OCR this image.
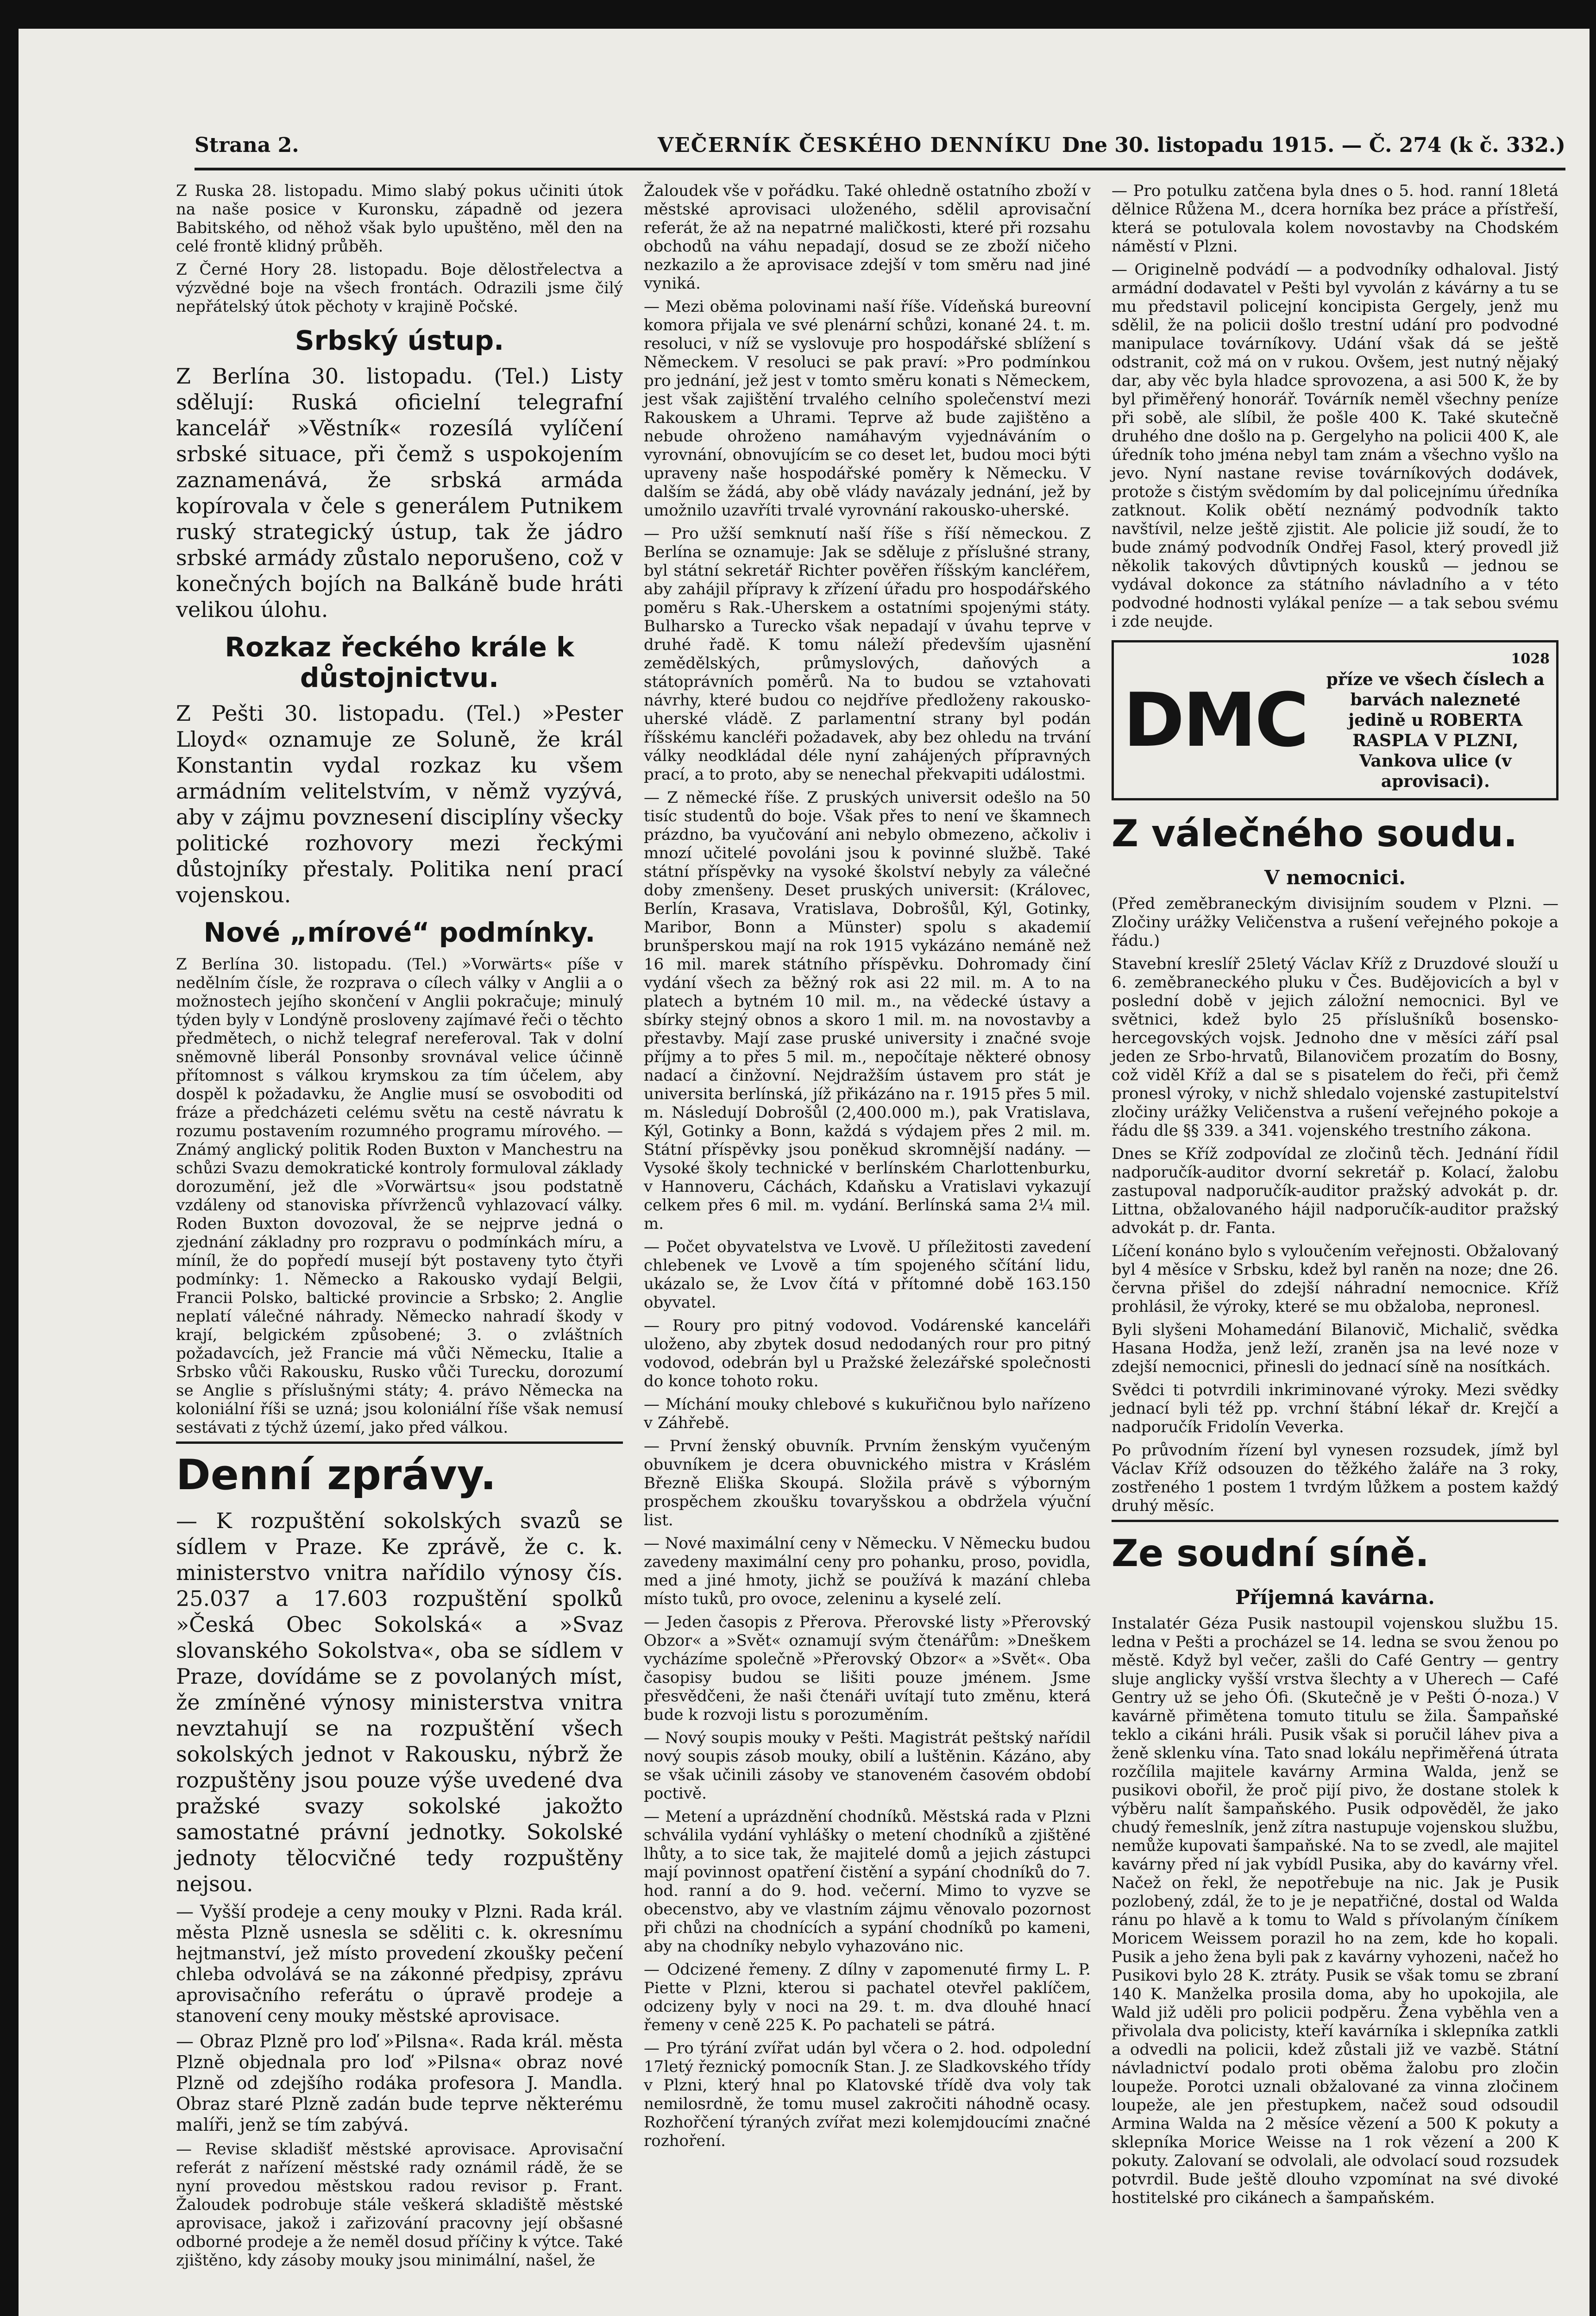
Strana 2.	VEČERNÍK ČESKÉHO DENNÍKU Dne 30. listopadu 1915. — Č. 274 (k č. 332.)

Z Ruska 28. listopadu. Mimo slabý pokus učiniti útok na naše posice v Kuronsku, západně od jezera Babitského, od něhož však bylo upuštěno, měl den na celé frontě klidný průběh.

Z Černé Hory 28. listopadu. Boje dělostřelectva a výzvědné boje na všech frontách. Odrazili jsme čilý nepřátelský útok pěchoty v krajině Počské.

Srbský ústup.

Z Berlína 30. listopadu. (Tel.) Listy sdělují: Ruská oficielní telegrafní kancelář »Věstník« rozesílá vylíčení srbské situace, při čemž s uspokojením zaznamenává, že srbská armáda kopírovala v čele s generálem Putnikem ruský strategický ústup, tak že jádro srbské armády zůstalo neporušeno, což v konečných bojích na Balkáně bude hráti velikou úlohu.

Rozkaz řeckého krále k důstojnictvu.

Z Pešti 30. listopadu. (Tel.) »Pester Lloyd« oznamuje ze Soluně, že král Konstantin vydal rozkaz ku všem armádním velitelstvím, v němž vyzývá, aby v zájmu povznesení disciplíny všecky politické rozhovory mezi řeckými důstojníky přestaly. Politika není prací vojenskou.

Nové „mírové“ podmínky.

Z Berlína 30. listopadu. (Tel.) »Vorwärts« píše v nedělním čísle, že rozprava o cílech války v Anglii a o možnostech jejího skončení v Anglii pokračuje; minulý týden byly v Londýně prosloveny zajímavé řeči o těchto předmětech, o nichž telegraf nereferoval. Tak v dolní sněmovně liberál Ponsonby srovnával velice účinně přítomnost s válkou krymskou za tím účelem, aby dospěl k požadavku, že Anglie musí se osvoboditi od fráze a předcházeti celému světu na cestě návratu k rozumu postavením rozumného programu mírového. — Známý anglický politik Roden Buxton v Manchestru na schůzi Svazu demokratické kontroly formuloval základy dorozumění, jež dle »Vorwärtsu« jsou podstatně vzdáleny od stanoviska přívrženců vyhlazovací války. Roden Buxton dovozoval, že se nejprve jedná o zjednání základny pro rozpravu o podmínkách míru, a míníl, že do popředí musejí být postaveny tyto čtyři podmínky: 1. Německo a Rakousko vydají Belgii, Francii Polsko, baltické provincie a Srbsko; 2. Anglie neplatí válečné náhrady. Německo nahradí škody v krají, belgickém způsobené; 3. o zvláštních požadavcích, jež Francie má vůči Německu, Italie a Srbsko vůči Rakousku, Rusko vůči Turecku, dorozumí se Anglie s příslušnými státy; 4. právo Německa na koloniální říši se uzná; jsou koloniální říše však nemusí sestávati z týchž území, jako před válkou.

Denní zprávy.

— K rozpuštění sokolských svazů se sídlem v Praze. Ke zprávě, že c. k. ministerstvo vnitra nařídilo výnosy čís. 25.037 a 17.603 rozpuštění spolků »Česká Obec Sokolská« a »Svaz slovanského Sokolstva«, oba se sídlem v Praze, dovídáme se z povolaných míst, že zmíněné výnosy ministerstva vnitra nevztahují se na rozpuštění všech sokolských jednot v Rakousku, nýbrž že rozpuštěny jsou pouze výše uvedené dva pražské svazy sokolské jakožto samostatné právní jednotky. Sokolské jednoty tělocvičné tedy rozpuštěny nejsou.

— Vyšší prodeje a ceny mouky v Plzni. Rada král. města Plzně usnesla se sděliti c. k. okresnímu hejtmanství, jež místo provedení zkoušky pečení chleba odvolává se na zákonné předpisy, zprávu aprovisačního referátu o úpravě prodeje a stanovení ceny mouky městské aprovisace.

— Obraz Plzně pro loď »Pilsna«. Rada král. města Plzně objednala pro loď »Pilsna« obraz nové Plzně od zdejšího rodáka profesora J. Mandla. Obraz staré Plzně zadán bude teprve některému malíři, jenž se tím zabývá.

— Revise skladišť městské aprovisace. Aprovisační referát z nařízení městské rady oznámil rádě, že se nyní provedou městskou radou revisor p. Frant. Žaloudek podrobuje stále veškerá skladiště městské aprovisace, jakož i zařizování pracovny její obšasné odborné prodeje a že neměl dosud příčiny k výtce. Také zjištěno, kdy zásoby mouky jsou minimální, našel, že

Žaloudek vše v pořádku. Také ohledně ostatního zboží v městské aprovisaci uloženého, sdělil aprovisační referát, že až na nepatrné maličkosti, které při rozsahu obchodů na váhu nepadají, dosud se ze zboží ničeho nezkazilo a že aprovisace zdejší v tom směru nad jiné vyniká.

— Mezi oběma polovinami naší říše. Vídeňská bureovní komora přijala ve své plenární schůzi, konané 24. t. m. resoluci, v níž se vyslovuje pro hospodářské sblížení s Německem. V resoluci se pak praví: »Pro podmínkou pro jednání, jež jest v tomto směru konati s Německem, jest však zajištění trvalého celního společenství mezi Rakouskem a Uhrami. Teprve až bude zajištěno a nebude ohroženo namáhavým vyjednáváním o vyrovnání, obnovujícím se co deset let, budou moci býti upraveny naše hospodářské poměry k Německu. V dalším se žádá, aby obě vlády navázaly jednání, jež by umožnilo uzavříti trvalé vyrovnání rakousko-uherské.

— Pro užší semknutí naší říše s říší německou. Z Berlína se oznamuje: Jak se sděluje z příslušné strany, byl státní sekretář Richter pověřen říšským kancléřem, aby zahájil přípravy k zřízení úřadu pro hospodářského poměru s Rak.-Uherskem a ostatními spojenými státy. Bulharsko a Turecko však nepadají v úvahu teprve v druhé řadě. K tomu náleží především ujasnění zemědělských, průmyslových, daňových a státoprávních poměrů. Na to budou se vztahovati návrhy, které budou co nejdříve předloženy rakousko-uherské vládě. Z parlamentní strany byl podán říšskému kancléři požadavek, aby bez ohledu na trvání války neodkládal déle nyní zahájených přípravných prací, a to proto, aby se nenechal překvapiti událostmi.

— Z německé říše. Z pruských universit odešlo na 50 tisíc studentů do boje. Však přes to není ve škamnech prázdno, ba vyučování ani nebylo obmezeno, ačkoliv i mnozí učitelé povoláni jsou k povinné službě. Také státní příspěvky na vysoké školství nebyly za válečné doby zmenšeny. Deset pruských universit: (Královec, Berlín, Krasava, Vratislava, Dobrošůl, Kýl, Gotinky, Maribor, Bonn a Münster) spolu s akademií brunšperskou mají na rok 1915 vykázáno nemáně než 16 mil. marek státního příspěvku. Dohromady činí vydání všech za běžný rok asi 22 mil. m. A to na platech a bytném 10 mil. m., na vědecké ústavy a sbírky stejný obnos a skoro 1 mil. m. na novostavby a přestavby. Mají zase pruské university i značné svoje příjmy a to přes 5 mil. m., nepočítaje některé obnosy nadací a činžovní. Nejdražším ústavem pro stát je universita berlínská, jíž přikázáno na r. 1915 přes 5 mil. m. Následují Dobrošůl (2,400.000 m.), pak Vratislava, Kýl, Gotinky a Bonn, každá s výdajem přes 2 mil. m. Státní příspěvky jsou poněkud skromnější nadány. — Vysoké školy technické v berlínském Charlottenburku, v Hannoveru, Cáchách, Kdaňsku a Vratislavi vykazují celkem přes 6 mil. m. vydání. Berlínská sama 2¼ mil. m.

— Počet obyvatelstva ve Lvově. U příležitosti zavedení chlebenek ve Lvově a tím spojeného sčítání lidu, ukázalo se, že Lvov čítá v přítomné době 163.150 obyvatel.

— Roury pro pitný vodovod. Vodárenské kanceláři uloženo, aby zbytek dosud nedodaných rour pro pitný vodovod, odebrán byl u Pražské železářské společnosti do konce tohoto roku.

— Míchání mouky chlebové s kukuřičnou bylo nařízeno v Záhřebě.

— První ženský obuvník. Prvním ženským vyučeným obuvníkem je dcera obuvnického mistra v Kráslém Březně Eliška Skoupá. Složila právě s výborným prospěchem zkoušku tovaryšskou a obdržela výuční list.

— Nové maximální ceny v Německu. V Německu budou zavedeny maximální ceny pro pohanku, proso, povidla, med a jiné hmoty, jichž se používá k mazání chleba místo tuků, pro ovoce, zeleninu a kyselé zelí.

— Jeden časopis z Přerova. Přerovské listy »Přerovský Obzor« a »Svět« oznamují svým čtenářům: »Dneškem vycházíme společně »Přerovský Obzor« a »Svět«. Oba časopisy budou se lišiti pouze jménem. Jsme přesvědčeni, že naši čtenáři uvítají tuto změnu, která bude k rozvoji listu s porozuměním.

— Nový soupis mouky v Pešti. Magistrát peštský nařídil nový soupis zásob mouky, obilí a luštěnin. Kázáno, aby se však učinili zásoby ve stanoveném časovém období poctivě.

— Metení a uprázdnění chodníků. Městská rada v Plzni schválila vydání vyhlášky o metení chodníků a zjištěné lhůty, a to sice tak, že majitelé domů a jejich zástupci mají povinnost opatření čistění a sypání chodníků do 7. hod. ranní a do 9. hod. večerní. Mimo to vyzve se obecenstvo, aby ve vlastním zájmu věnovalo pozornost při chůzi na chodnících a sypání chodníků po kameni, aby na chodníky nebylo vyhazováno nic.

— Odcizené řemeny. Z dílny v zapomenuté firmy L. P. Piette v Plzni, kterou si pachatel otevřel paklíčem, odcizeny byly v noci na 29. t. m. dva dlouhé hnací řemeny v ceně 225 K. Po pachateli se pátrá.

— Pro týrání zvířat udán byl včera o 2. hod. odpolední 17letý řeznický pomocník Stan. J. ze Sladkovského třídy v Plzni, který hnal po Klatovské třídě dva voly tak nemilosrdně, že tomu musel zakročiti náhodně ocasy. Rozhořčení týraných zvířat mezi kolemjdoucími značné rozhoření.

— Pro potulku zatčena byla dnes o 5. hod. ranní 18letá dělnice Růžena M., dcera horníka bez práce a přístřeší, která se potulovala kolem novostavby na Chodském náměstí v Plzni.

— Originelně podvádí — a podvodníky odhaloval. Jistý armádní dodavatel v Pešti byl vyvolán z kávárny a tu se mu představil policejní koncipista Gergely, jenž mu sdělil, že na policii došlo trestní udání pro podvodné manipulace továrníkovy. Udání však dá se ještě odstranit, což má on v rukou. Ovšem, jest nutný nějaký dar, aby věc byla hladce sprovozena, a asi 500 K, že by byl přiměřený honorář. Továrník neměl všechny peníze při sobě, ale slíbil, že pošle 400 K. Také skutečně druhého dne došlo na p. Gergelyho na policii 400 K, ale úředník toho jména nebyl tam znám a všechno vyšlo na jevo. Nyní nastane revise továrníkových dodávek, protože s čistým svědomím by dal policejnímu úředníka zatknout. Kolik obětí neznámý podvodník takto navštívil, nelze ještě zjistit. Ale policie již soudí, že to bude známý podvodník Ondřej Fasol, který provedl již několik takových důvtipných kousků — jednou se vydával dokonce za státního návladního a v této podvodné hodnosti vylákal peníze — a tak sebou svému i zde neujde.

DMC
1028
příze ve všech číslech a barvách nalezneté jedině u ROBERTA RASPLA V PLZNI, Vankova ulice (v aprovisaci).
Z válečného soudu.
V nemocnici.

(Před zeměbraneckým divisijním soudem v Plzni. — Zločiny urážky Veličenstva a rušení veřejného pokoje a řádu.)

Stavební kreslíř 25letý Václav Kříž z Druzdové slouží u 6. zeměbraneckého pluku v Čes. Budějovicích a byl v poslední době v jejich záložní nemocnici. Byl ve světnici, kdež bylo 25 příslušníků bosensko-hercegovských vojsk. Jednoho dne v měsíci září psal jeden ze Srbo-hrvatů, Bilanovičem prozatím do Bosny, což viděl Kříž a dal se s pisatelem do řeči, při čemž pronesl výroky, v nichž shledalo vojenské zastupitelství zločiny urážky Veličenstva a rušení veřejného pokoje a řádu dle §§ 339. a 341. vojenského trestního zákona.

Dnes se Kříž zodpovídal ze zločinů těch. Jednání řídil nadporučík-auditor dvorní sekretář p. Kolací, žalobu zastupoval nadporučík-auditor pražský advokát p. dr. Littna, obžalovaného hájil nadporučík-auditor pražský advokát p. dr. Fanta.

Líčení konáno bylo s vyloučením veřejnosti. Obžalovaný byl 4 měsíce v Srbsku, kdež byl raněn na noze; dne 26. června přišel do zdejší náhradní nemocnice. Kříž prohlásil, že výroky, které se mu obžaloba, nepronesl.

Byli slyšeni Mohamedání Bilanovič, Michalič, svědka Hasana Hodža, jenž leží, zraněn jsa na levé noze v zdejší nemocnici, přinesli do jednací síně na nosítkách.

Svědci ti potvrdili inkriminované výroky. Mezi svědky jednací byli též pp. vrchní štábní lékař dr. Krejčí a nadporučík Fridolín Veverka.

Po průvodním řízení byl vynesen rozsudek, jímž byl Václav Kříž odsouzen do těžkého žaláře na 3 roky, zostřeného 1 postem 1 tvrdým lůžkem a postem každý druhý měsíc.

Ze soudní síně.
Příjemná kavárna.

Instalatér Géza Pusik nastoupil vojenskou službu 15. ledna v Pešti a procházel se 14. ledna se svou ženou po městě. Když byl večer, zašli do Café Gentry — gentry sluje anglicky vyšší vrstva šlechty a v Uherech — Café Gentry už se jeho Ófi. (Skutečně je v Pešti Ó-noza.) V kavárně přimětena tomuto titulu se žila. Šampaňské teklo a cikáni hráli. Pusik však si poručil láhev piva a ženě sklenku vína. Tato snad lokálu nepřiměřená útrata rozčílila majitele kavárny Armina Walda, jenž se pusikovi obořil, že proč pijí pivo, že dostane stolek k výběru nalít šampaňského. Pusik odpověděl, že jako chudý řemeslník, jenž zítra nastupuje vojenskou službu, nemůže kupovati šampaňské. Na to se zvedl, ale majitel kavárny před ní jak vybídl Pusika, aby do kavárny vřel. Načež on řekl, že nepotřebuje na nic. Jak je Pusik pozlobený, zdál, že to je je nepatřičné, dostal od Walda ránu po hlavě a k tomu to Wald s přívolaným číníkem Moricem Weissem porazil ho na zem, kde ho kopali. Pusik a jeho žena byli pak z kavárny vyhozeni, načež ho Pusikovi bylo 28 K. ztráty. Pusik se však tomu se zbraní 140 K. Manželka prosila doma, aby ho upokojila, ale Wald již uděli pro policii podpěru. Žena vyběhla ven a přivolala dva policisty, kteří kavárníka i sklepníka zatkli a odvedli na policii, kdež zůstali již ve vazbě. Státní návladnictví podalo proti oběma žalobu pro zločin loupeže. Porotci uznali obžalované za vinna zločinem loupeže, ale jen přestupkem, načež soud odsoudil Armina Walda na 2 měsíce vězení a 500 K pokuty a sklepníka Morice Weisse na 1 rok vězení a 200 K pokuty. Zalovaní se odvolali, ale odvolací soud rozsudek potvrdil. Bude ještě dlouho vzpomínat na své divoké hostitelské pro cikánech a šampaňském.
